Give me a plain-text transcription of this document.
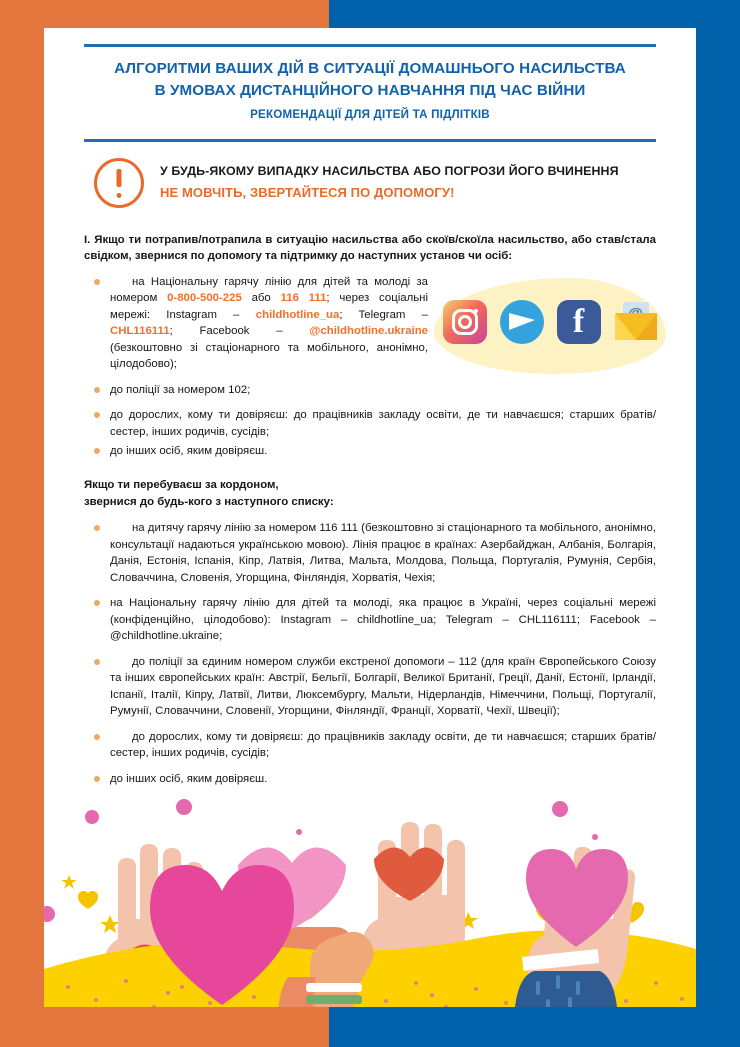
АЛГОРИТМИ ВАШИХ ДІЙ В СИТУАЦІЇ ДОМАШНЬОГО НАСИЛЬСТВА
В УМОВАХ ДИСТАНЦІЙНОГО НАВЧАННЯ ПІД ЧАС ВІЙНИ
РЕКОМЕНДАЦІЇ ДЛЯ ДІТЕЙ ТА ПІДЛІТКІВ
У БУДЬ-ЯКОМУ ВИПАДКУ НАСИЛЬСТВА АБО ПОГРОЗИ ЙОГО ВЧИНЕННЯ
НЕ МОВЧІТЬ, ЗВЕРТАЙТЕСЯ ПО ДОПОМОГУ!
I. Якщо ти потрапив/потрапила в ситуацію насильства або скоїв/скоїла насильство, або став/стала свідком, звернися по допомогу та підтримку до наступних установ чи осіб:
на Національну гарячу лінію для дітей та молоді за номером 0-800-500-225 або 116 111; через соціальні мережі: Instagram – childhotline_ua; Telegram – CHL116111; Facebook – @childhotline.ukraine (безкоштовно зі стаціонарного та мобільного, анонімно, цілодобово);
до поліції за номером 102;
до дорослих, кому ти довіряєш: до працівників закладу освіти, де ти навчаєшся; старших братів/сестер, інших родичів, сусідів;
до інших осіб, яким довіряєш.
f
Якщо ти перебуваєш за кордоном,
звернися до будь-кого з наступного списку:
на дитячу гарячу лінію за номером 116 111 (безкоштовно зі стаціонарного та мобільного, анонімно, консультації надаються українською мовою). Лінія працює в країнах: Азербайджан, Албанія, Болгарія, Данія, Естонія, Іспанія, Кіпр, Латвія, Литва, Мальта, Молдова, Польща, Португалія, Румунія, Сербія, Словаччина, Словенія, Угорщина, Фінляндія, Хорватія, Чехія;
на Національну гарячу лінію для дітей та молоді, яка працює в Україні, через соціальні мережі (конфіденційно, цілодобово): Instagram – childhotline_ua; Telegram – CHL116111; Facebook – @childhotline.ukraine;
до поліції за єдиним номером служби екстреної допомоги – 112 (для країн Європейського Союзу та інших європейських країн: Австрії, Бельгії, Болгарії, Великої Британії, Греції, Данії, Естонії, Ірландії, Іспанії, Італії, Кіпру, Латвії, Литви, Люксембургу, Мальти, Нідерландів, Німеччини, Польщі, Португалії, Румунії, Словаччини, Словенії, Угорщини, Фінляндії, Франції, Хорватії, Чехії, Швеції);
до дорослих, кому ти довіряєш: до працівників закладу освіти, де ти навчаєшся; старших братів/сестер, інших родичів, сусідів;
до інших осіб, яким довіряєш.
